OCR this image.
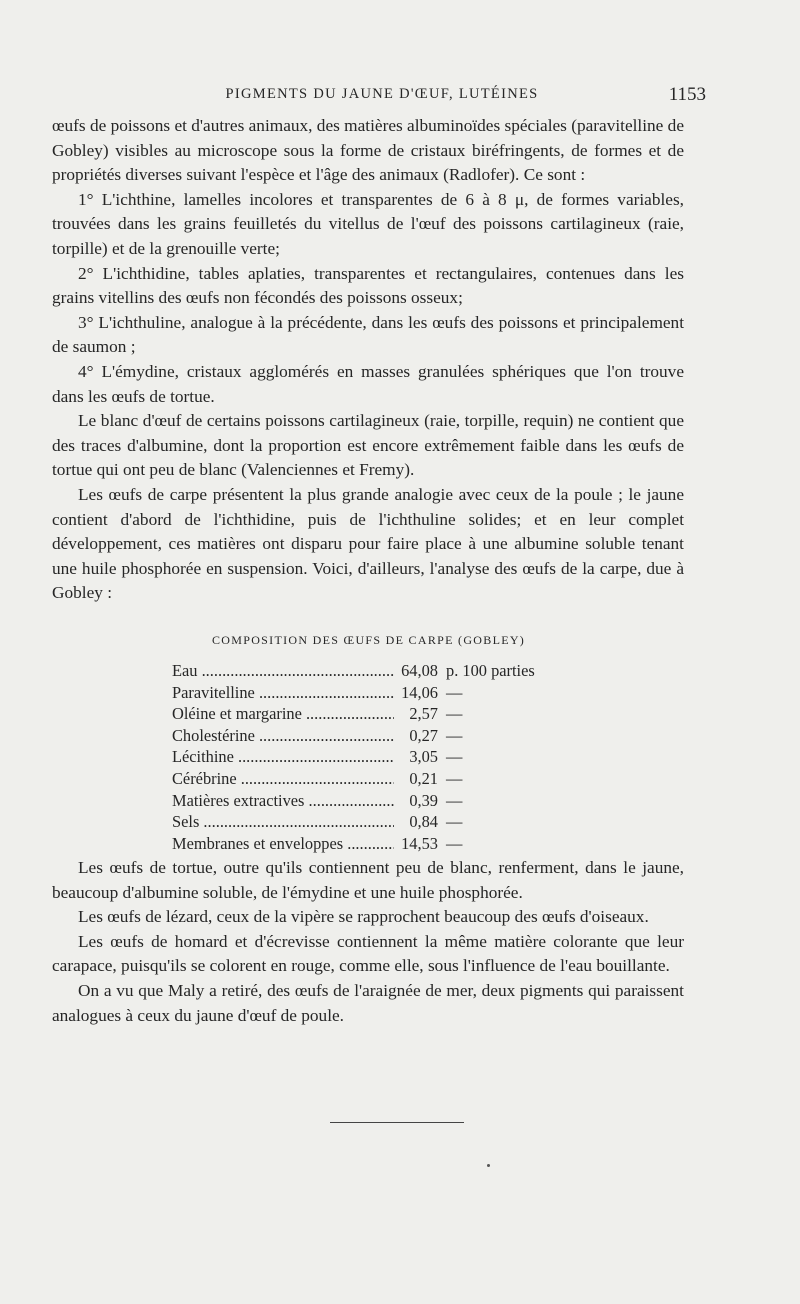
PIGMENTS DU JAUNE D'ŒUF, LUTÉINES	1153

œufs de poissons et d'autres animaux, des matières albuminoïdes spéciales (paravitelline de Gobley) visibles au microscope sous la forme de cristaux biréfringents, de formes et de propriétés diverses suivant l'espèce et l'âge des animaux (Radlofer). Ce sont :

1° L'ichthine, lamelles incolores et transparentes de 6 à 8 μ, de formes variables, trouvées dans les grains feuilletés du vitellus de l'œuf des poissons cartilagineux (raie, torpille) et de la grenouille verte;

2° L'ichthidine, tables aplaties, transparentes et rectangulaires, contenues dans les grains vitellins des œufs non fécondés des poissons osseux;

3° L'ichthuline, analogue à la précédente, dans les œufs des poissons et principalement de saumon ;

4° L'émydine, cristaux agglomérés en masses granulées sphériques que l'on trouve dans les œufs de tortue.

Le blanc d'œuf de certains poissons cartilagineux (raie, torpille, requin) ne contient que des traces d'albumine, dont la proportion est encore extrêmement faible dans les œufs de tortue qui ont peu de blanc (Valenciennes et Fremy).

Les œufs de carpe présentent la plus grande analogie avec ceux de la poule ; le jaune contient d'abord de l'ichthidine, puis de l'ichthuline solides; et en leur complet développement, ces matières ont disparu pour faire place à une albumine soluble tenant une huile phosphorée en suspension. Voici, d'ailleurs, l'analyse des œufs de la carpe, due à Gobley :

COMPOSITION DES ŒUFS DE CARPE (GOBLEY)
Eau .....	64,08 p. 100 parties
Paravitelline .....	14,06 —
Oléine et margarine .....	2,57 —
Cholestérine .....	0,27 —
Lécithine .....	3,05 —
Cérébrine .....	0,21 —
Matières extractives .....	0,39 —
Sels .....	0,84 —
Membranes et enveloppes .....	14,53 —

Les œufs de tortue, outre qu'ils contiennent peu de blanc, renferment, dans le jaune, beaucoup d'albumine soluble, de l'émydine et une huile phosphorée.

Les œufs de lézard, ceux de la vipère se rapprochent beaucoup des œufs d'oiseaux.

Les œufs de homard et d'écrevisse contiennent la même matière colorante que leur carapace, puisqu'ils se colorent en rouge, comme elle, sous l'influence de l'eau bouillante.

On a vu que Maly a retiré, des œufs de l'araignée de mer, deux pigments qui paraissent analogues à ceux du jaune d'œuf de poule.
